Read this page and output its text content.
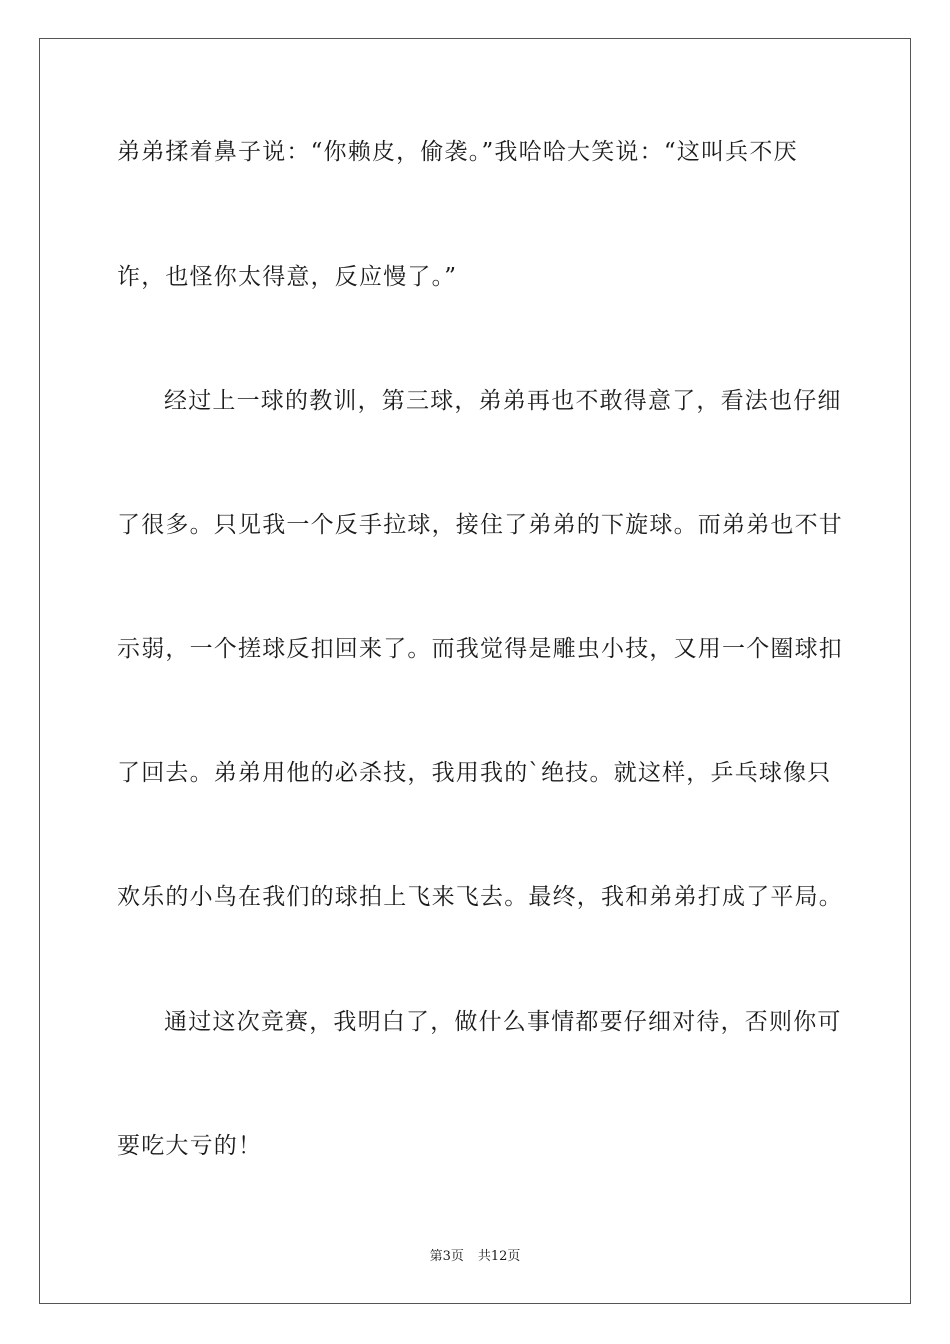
弟弟揉着鼻子说：“你赖皮，偷袭。”我哈哈大笑说：“这叫兵不厌
诈，也怪你太得意，反应慢了。”
经过上一球的教训，第三球，弟弟再也不敢得意了，看法也仔细
了很多。只见我一个反手拉球，接住了弟弟的下旋球。而弟弟也不甘
示弱，一个搓球反扣回来了。而我觉得是雕虫小技，又用一个圈球扣
了回去。弟弟用他的必杀技，我用我的`绝技。就这样，乒乓球像只
欢乐的小鸟在我们的球拍上飞来飞去。最终，我和弟弟打成了平局。
通过这次竞赛，我明白了，做什么事情都要仔细对待，否则你可
要吃大亏的！
第3页 共12页
